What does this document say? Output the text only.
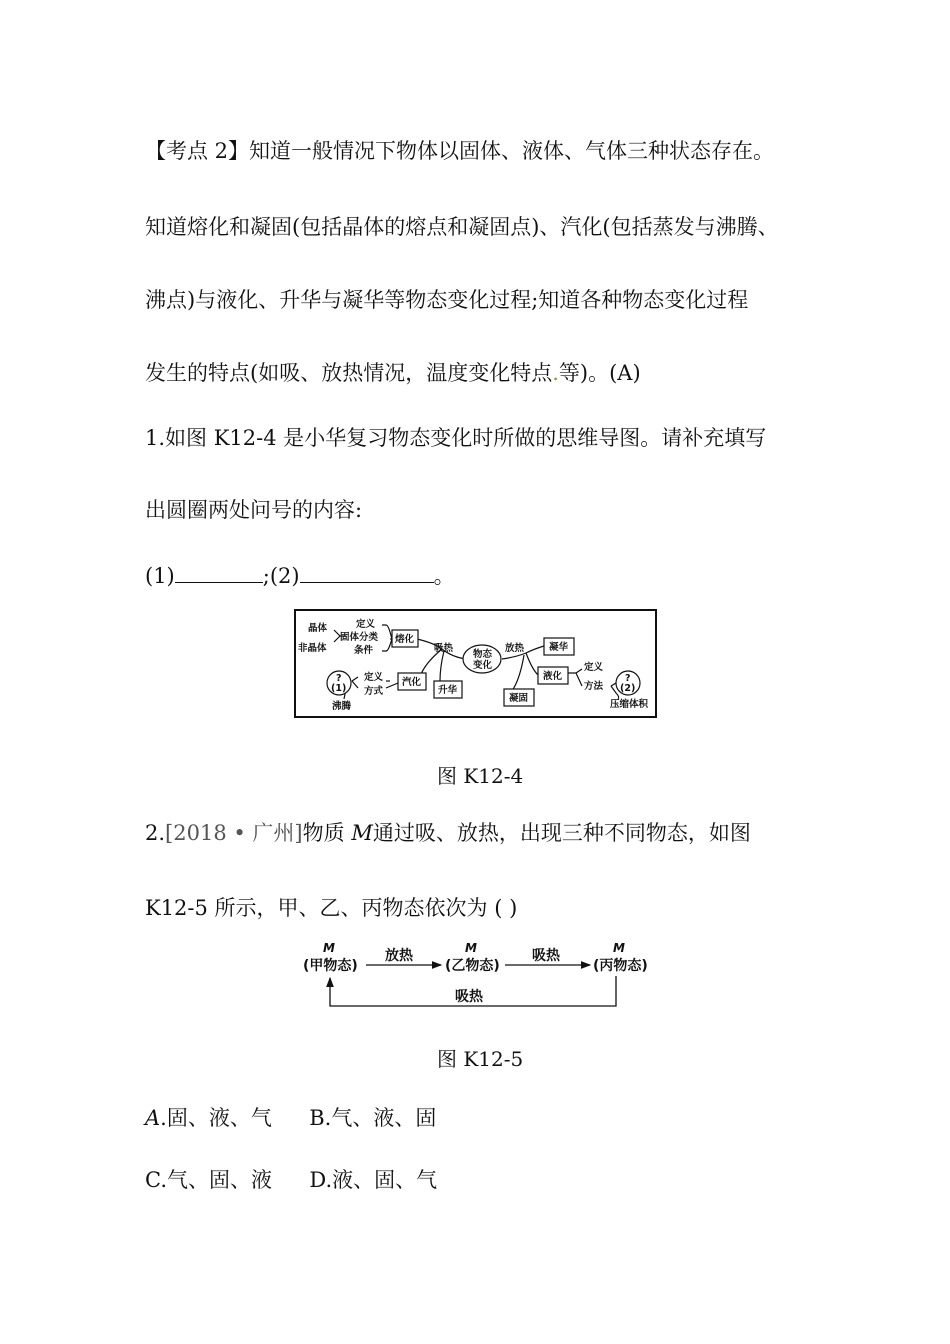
【考点 2】知道一般情况下物体以固体、液体、气体三种状态存在。
知道熔化和凝固(包括晶体的熔点和凝固点)、汽化(包括蒸发与沸腾、
沸点)与液化、升华与凝华等物态变化过程;知道各种物态变化过程
发生的特点(如吸、放热情况，温度变化特点.等)。(A)
1.如图 K12-4 是小华复习物态变化时所做的思维导图。请补充填写
出圆圈两处问号的内容:
(1)	;(2)	。
晶体
非晶体
定义
固体分类
条件
熔化
吸热
物态
变化
放热
?
(1)
定义
方式
沸腾
汽化
升华
凝华
液化
凝固
定义
方法
?
(2)
压缩体积
图 K12-4
2.[2018 • 广州]物质 M通过吸、放热，出现三种不同物态，如图
K12-5 所示，甲、乙、丙物态依次为 ( )
M
(甲物态)
M
(乙物态)
M
(丙物态)
放热	吸热
吸热
图 K12-5
A.固、液、气 B.气、液、固
C.气、固、液 D.液、固、气
